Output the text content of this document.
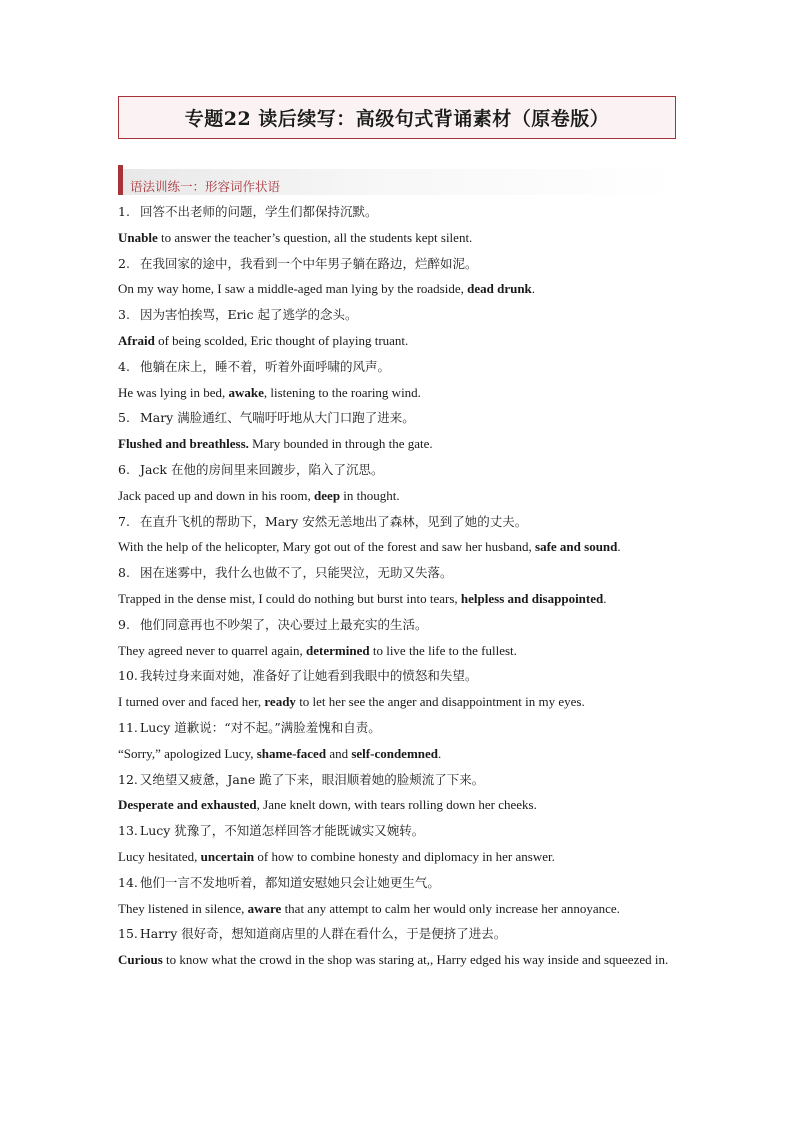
专题22 读后续写：高级句式背诵素材（原卷版）
语法训练一：形容词作状语
1. 回答不出老师的问题，学生们都保持沉默。
Unable to answer the teacher’s question, all the students kept silent.
2. 在我回家的途中，我看到一个中年男子躺在路边，烂醉如泥。
On my way home, I saw a middle-aged man lying by the roadside, dead drunk.
3. 因为害怕挨骂，Eric 起了逃学的念头。
Afraid of being scolded, Eric thought of playing truant.
4. 他躺在床上，睡不着，听着外面呼啸的风声。
He was lying in bed, awake, listening to the roaring wind.
5. Mary 满脸通红、气喘吁吁地从大门口跑了进来。
Flushed and breathless. Mary bounded in through the gate.
6. Jack 在他的房间里来回踱步，陷入了沉思。
Jack paced up and down in his room, deep in thought.
7. 在直升飞机的帮助下，Mary 安然无恙地出了森林，见到了她的丈夫。
With the help of the helicopter, Mary got out of the forest and saw her husband, safe and sound.
8. 困在迷雾中，我什么也做不了，只能哭泣，无助又失落。
Trapped in the dense mist, I could do nothing but burst into tears, helpless and disappointed.
9. 他们同意再也不吵架了，决心要过上最充实的生活。
They agreed never to quarrel again, determined to live the life to the fullest.
10. 我转过身来面对她，准备好了让她看到我眼中的愤怒和失望。
I turned over and faced her, ready to let her see the anger and disappointment in my eyes.
11. Lucy 道歉说：“对不起。”满脸羞愧和自责。
“Sorry,” apologized Lucy, shame-faced and self-condemned.
12. 又绝望又疲惫，Jane 跪了下来，眼泪顺着她的脸颊流了下来。
Desperate and exhausted, Jane knelt down, with tears rolling down her cheeks.
13. Lucy 犹豫了，不知道怎样回答才能既诚实又婉转。
Lucy hesitated, uncertain of how to combine honesty and diplomacy in her answer.
14. 他们一言不发地听着，都知道安慰她只会让她更生气。
They listened in silence, aware that any attempt to calm her would only increase her annoyance.
15. Harry 很好奇，想知道商店里的人群在看什么，于是便挤了进去。
Curious to know what the crowd in the shop was staring at,, Harry edged his way inside and squeezed in.
